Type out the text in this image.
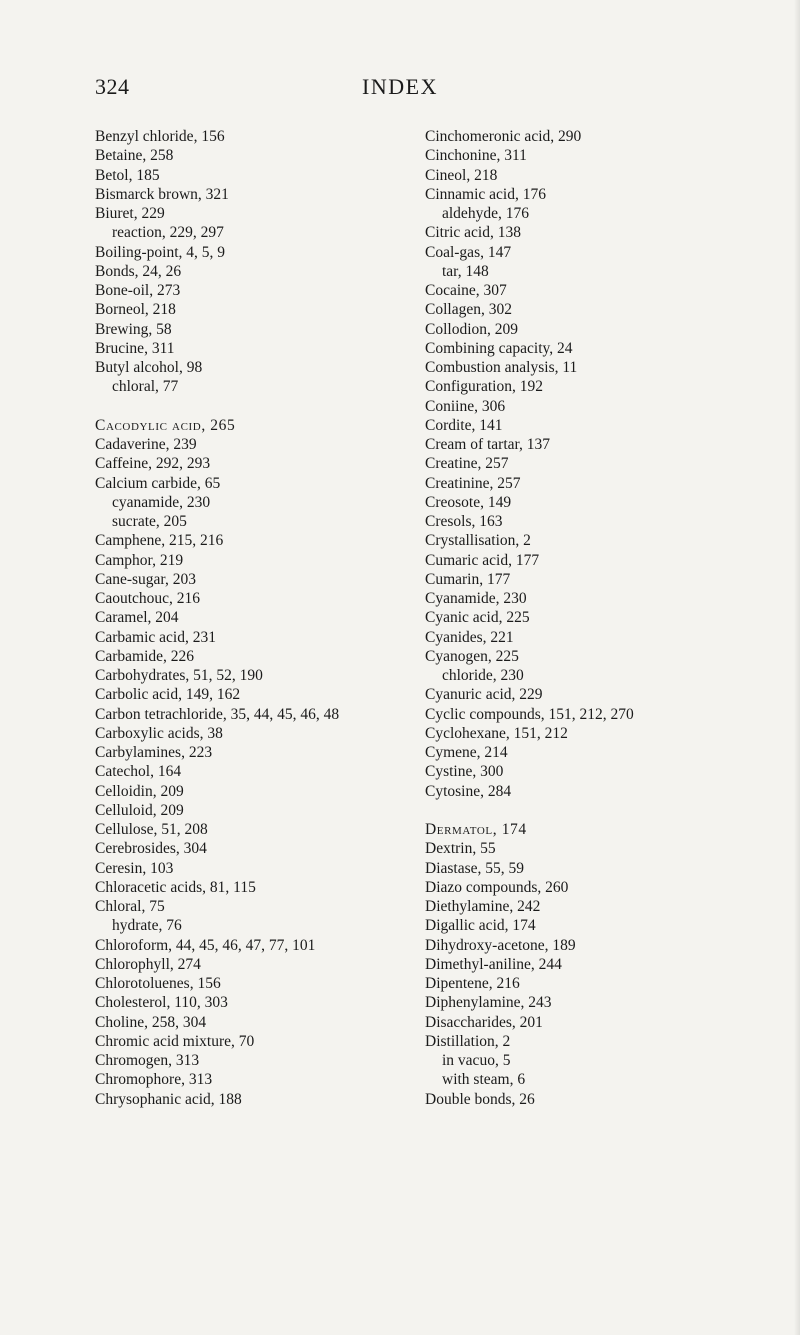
324	INDEX
Benzyl chloride, 156
Betaine, 258
Betol, 185
Bismarck brown, 321
Biuret, 229
reaction, 229, 297
Boiling-point, 4, 5, 9
Bonds, 24, 26
Bone-oil, 273
Borneol, 218
Brewing, 58
Brucine, 311
Butyl alcohol, 98
chloral, 77
Cacodylic acid, 265
Cadaverine, 239
Caffeine, 292, 293
Calcium carbide, 65
cyanamide, 230
sucrate, 205
Camphene, 215, 216
Camphor, 219
Cane-sugar, 203
Caoutchouc, 216
Caramel, 204
Carbamic acid, 231
Carbamide, 226
Carbohydrates, 51, 52, 190
Carbolic acid, 149, 162
Carbon tetrachloride, 35, 44, 45, 46, 48
Carboxylic acids, 38
Carbylamines, 223
Catechol, 164
Celloidin, 209
Celluloid, 209
Cellulose, 51, 208
Cerebrosides, 304
Ceresin, 103
Chloracetic acids, 81, 115
Chloral, 75
hydrate, 76
Chloroform, 44, 45, 46, 47, 77, 101
Chlorophyll, 274
Chlorotoluenes, 156
Cholesterol, 110, 303
Choline, 258, 304
Chromic acid mixture, 70
Chromogen, 313
Chromophore, 313
Chrysophanic acid, 188
Cinchomeronic acid, 290
Cinchonine, 311
Cineol, 218
Cinnamic acid, 176
aldehyde, 176
Citric acid, 138
Coal-gas, 147
tar, 148
Cocaine, 307
Collagen, 302
Collodion, 209
Combining capacity, 24
Combustion analysis, 11
Configuration, 192
Coniine, 306
Cordite, 141
Cream of tartar, 137
Creatine, 257
Creatinine, 257
Creosote, 149
Cresols, 163
Crystallisation, 2
Cumaric acid, 177
Cumarin, 177
Cyanamide, 230
Cyanic acid, 225
Cyanides, 221
Cyanogen, 225
chloride, 230
Cyanuric acid, 229
Cyclic compounds, 151, 212, 270
Cyclohexane, 151, 212
Cymene, 214
Cystine, 300
Cytosine, 284
Dermatol, 174
Dextrin, 55
Diastase, 55, 59
Diazo compounds, 260
Diethylamine, 242
Digallic acid, 174
Dihydroxy-acetone, 189
Dimethyl-aniline, 244
Dipentene, 216
Diphenylamine, 243
Disaccharides, 201
Distillation, 2
in vacuo, 5
with steam, 6
Double bonds, 26
